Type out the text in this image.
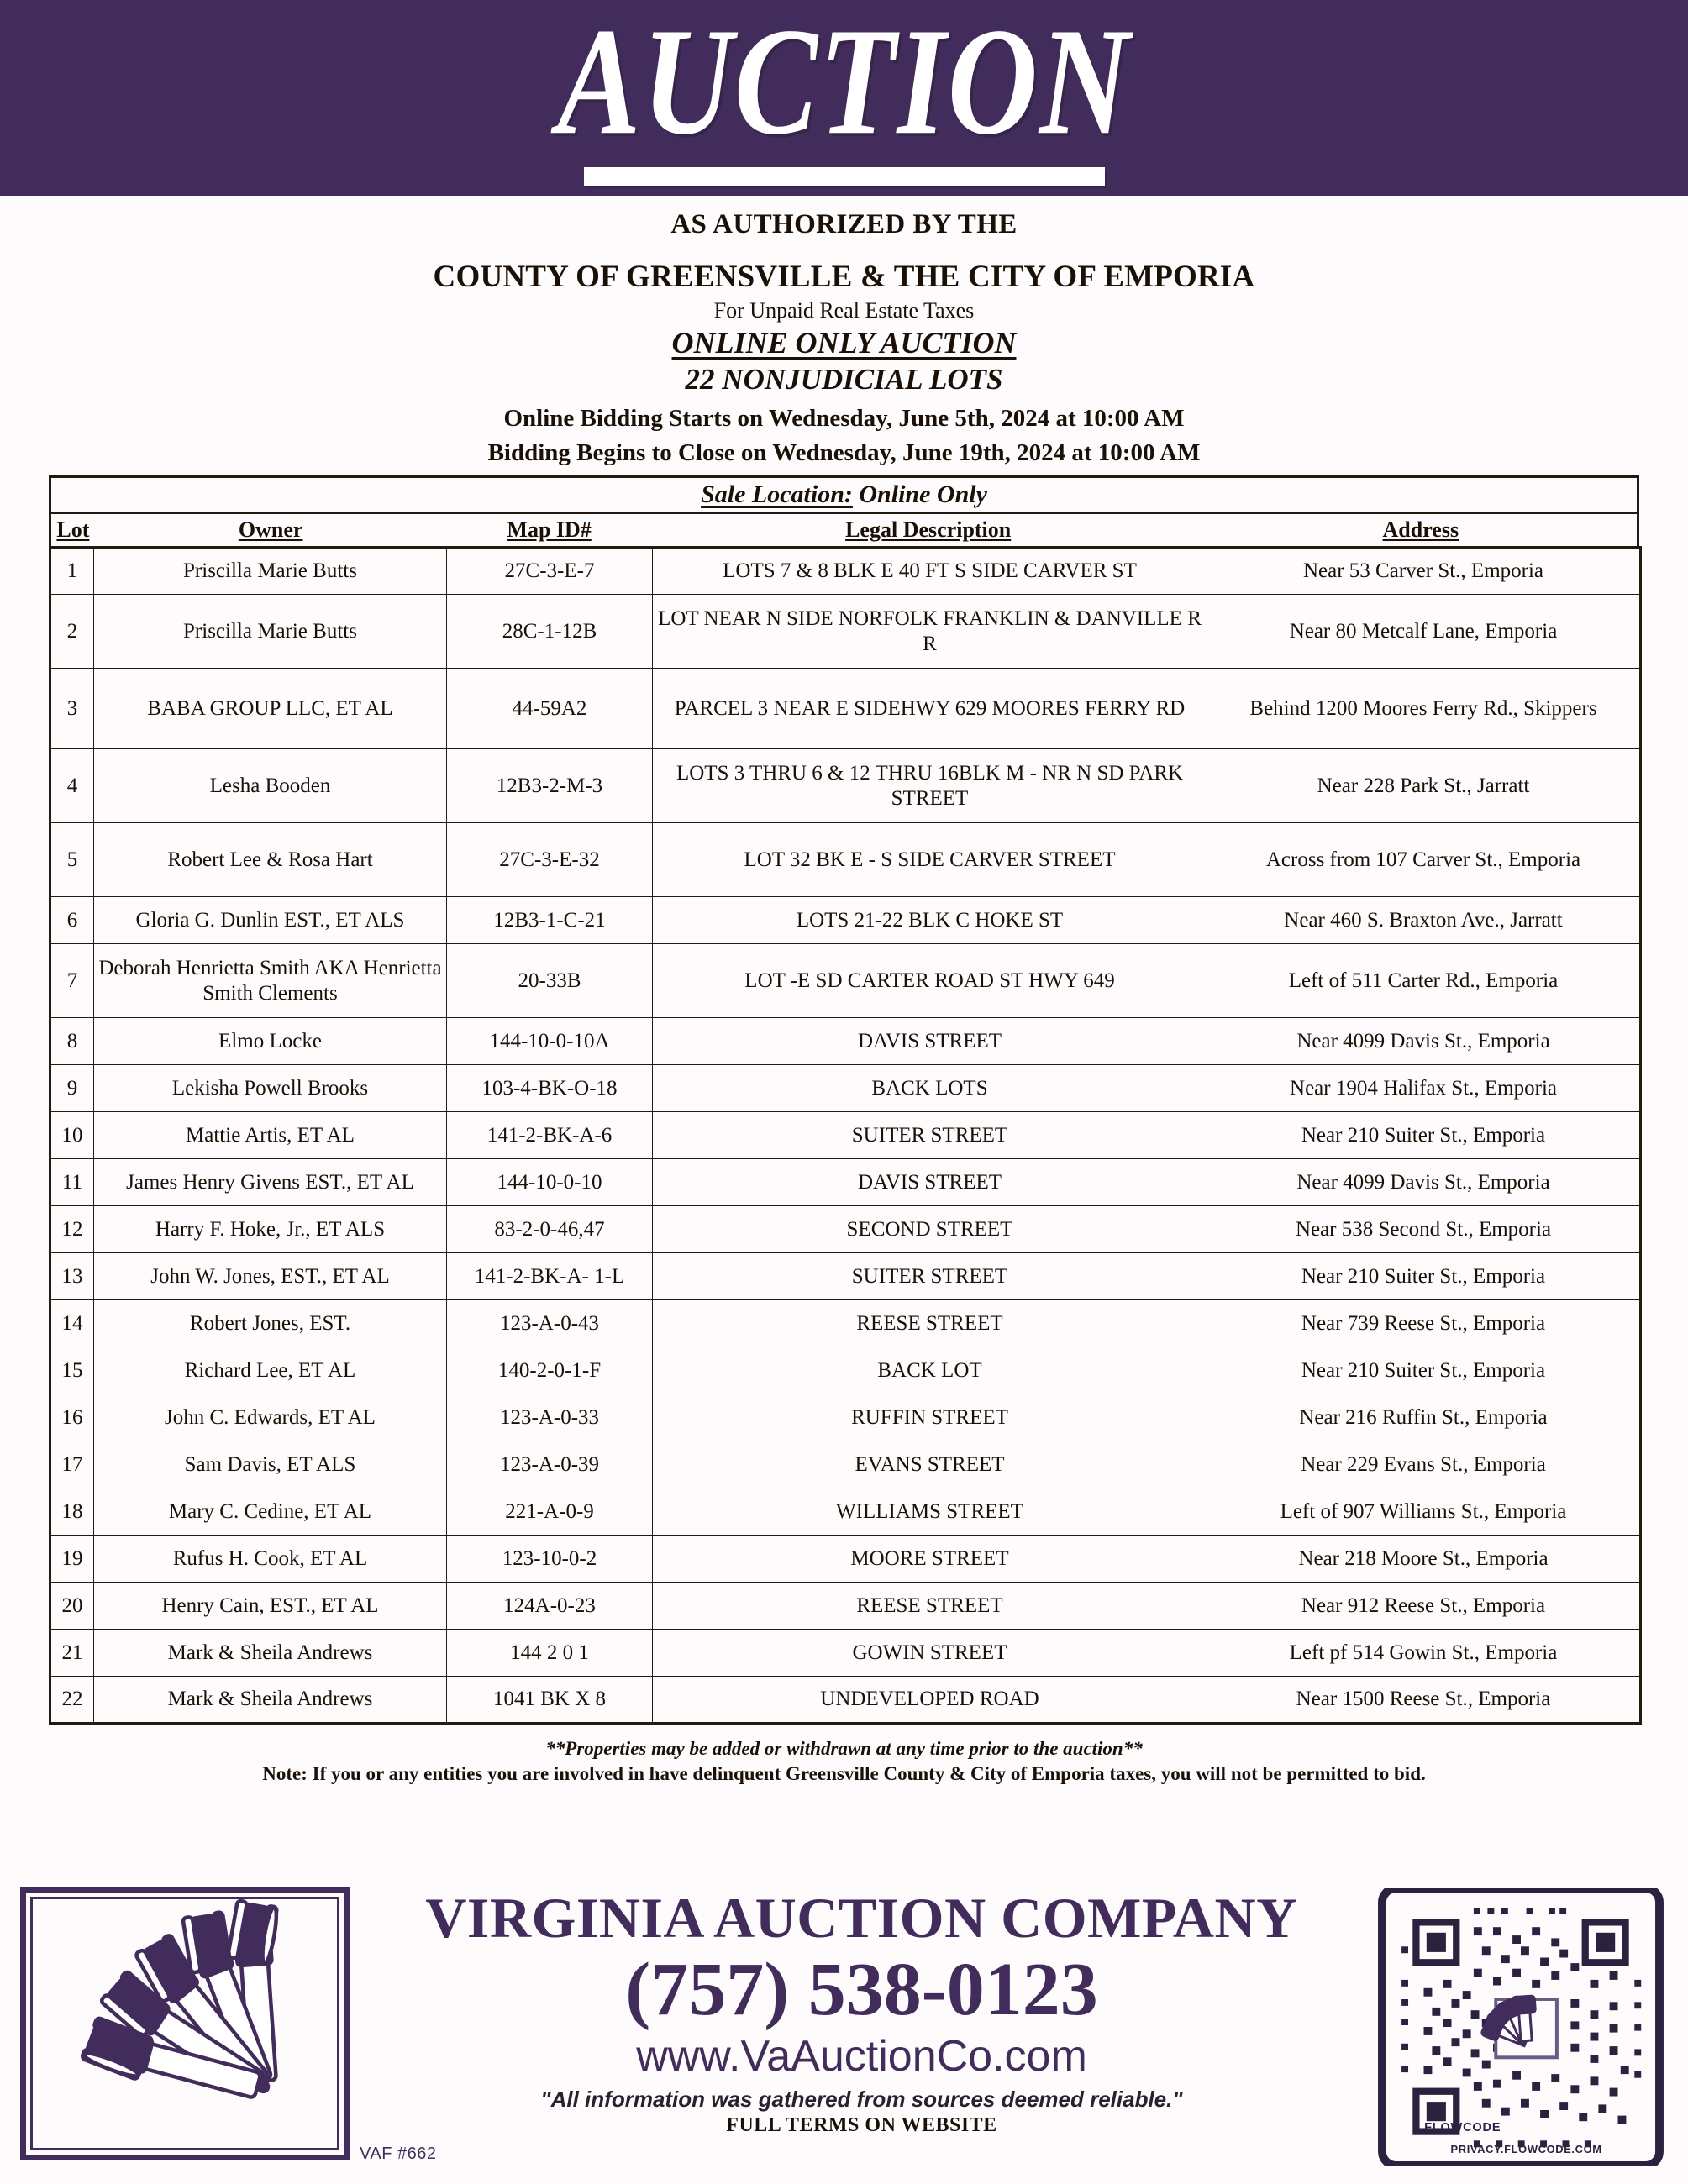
AUCTION
AS AUTHORIZED BY THE
COUNTY OF GREENSVILLE & THE CITY OF EMPORIA
For Unpaid Real Estate Taxes
ONLINE ONLY AUCTION
22 NONJUDICIAL LOTS
Online Bidding Starts on Wednesday, June 5th, 2024 at 10:00 AM
Bidding Begins to Close on Wednesday, June 19th, 2024 at 10:00 AM
Sale Location: Online Only
Lot	Owner	Map ID#	Legal Description	Address
1	Priscilla Marie Butts	27C-3-E-7	LOTS 7 & 8 BLK E 40 FT S SIDE CARVER ST	Near 53 Carver St., Emporia
2	Priscilla Marie Butts	28C-1-12B	LOT NEAR N SIDE NORFOLK FRANKLIN & DANVILLE R R	Near 80 Metcalf Lane, Emporia
3	BABA GROUP LLC, ET AL	44-59A2	PARCEL 3 NEAR E SIDEHWY 629 MOORES FERRY RD	Behind 1200 Moores Ferry Rd., Skippers
4	Lesha Booden	12B3-2-M-3	LOTS 3 THRU 6 & 12 THRU 16BLK M - NR N SD PARK STREET	Near 228 Park St., Jarratt
5	Robert Lee & Rosa Hart	27C-3-E-32	LOT 32 BK E - S SIDE CARVER STREET	Across from 107 Carver St., Emporia
6	Gloria G. Dunlin EST., ET ALS	12B3-1-C-21	LOTS 21-22 BLK C HOKE ST	Near 460 S. Braxton Ave., Jarratt
7	Deborah Henrietta Smith AKA Henrietta Smith Clements	20-33B	LOT -E SD CARTER ROAD ST HWY 649	Left of 511 Carter Rd., Emporia
8	Elmo Locke	144-10-0-10A	DAVIS STREET	Near 4099 Davis St., Emporia
9	Lekisha Powell Brooks	103-4-BK-O-18	BACK LOTS	Near 1904 Halifax St., Emporia
10	Mattie Artis, ET AL	141-2-BK-A-6	SUITER STREET	Near 210 Suiter St., Emporia
11	James Henry Givens EST., ET AL	144-10-0-10	DAVIS STREET	Near 4099 Davis St., Emporia
12	Harry F. Hoke, Jr., ET ALS	83-2-0-46,47	SECOND STREET	Near 538 Second St., Emporia
13	John W. Jones, EST., ET AL	141-2-BK-A- 1-L	SUITER STREET	Near 210 Suiter St., Emporia
14	Robert Jones, EST.	123-A-0-43	REESE STREET	Near 739 Reese St., Emporia
15	Richard Lee, ET AL	140-2-0-1-F	BACK LOT	Near 210 Suiter St., Emporia
16	John C. Edwards, ET AL	123-A-0-33	RUFFIN STREET	Near 216 Ruffin St., Emporia
17	Sam Davis, ET ALS	123-A-0-39	EVANS STREET	Near 229 Evans St., Emporia
18	Mary C. Cedine, ET AL	221-A-0-9	WILLIAMS STREET	Left of 907 Williams St., Emporia
19	Rufus H. Cook, ET AL	123-10-0-2	MOORE STREET	Near 218 Moore St., Emporia
20	Henry Cain, EST., ET AL	124A-0-23	REESE STREET	Near 912 Reese St., Emporia
21	Mark & Sheila Andrews	144 2 0 1	GOWIN STREET	Left pf 514 Gowin St., Emporia
22	Mark & Sheila Andrews	1041 BK X 8	UNDEVELOPED ROAD	Near 1500 Reese St., Emporia
**Properties may be added or withdrawn at any time prior to the auction**
Note: If you or any entities you are involved in have delinquent Greensville County & City of Emporia taxes, you will not be permitted to bid.
VAF #662
VIRGINIA AUCTION COMPANY
(757) 538-0123
www.VaAuctionCo.com
"All information was gathered from sources deemed reliable."
FULL TERMS ON WEBSITE	FLOWCODE
PRIVACY.FLOWCODE.COM
